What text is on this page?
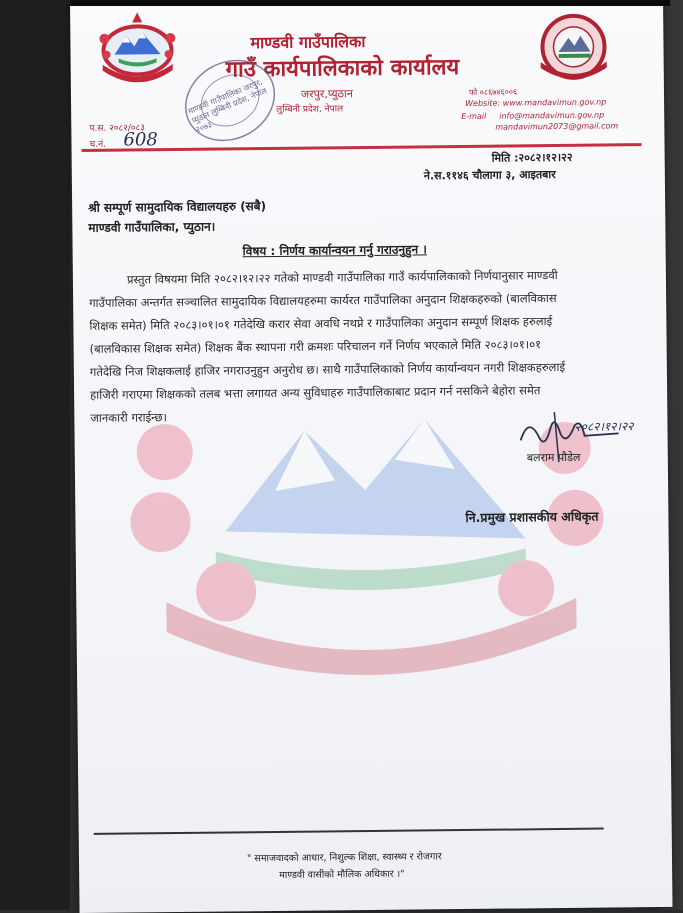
माण्डवी गाउँपालिका
गाउँ कार्यपालिकाको कार्यालय
जरपुर,प्युठान
लुम्बिनी प्रदेश, नेपाल
माण्डवी गाउँपालिका जरपुर, प्युठान लुम्बिनी प्रदेश, नेपाल २०७३
फो ०८६७४६००६
Website: www.mandavimun.gov.np
E-mail info@mandavimun.gov.np
mandavimun2073@gmail.com
प.स. २०८२/०८३
च.नं. 608
मिति :२०८२।१२।२२
ने.स.११४६ चौलागा ३, आइतबार
श्री सम्पूर्ण सामुदायिक विद्यालयहरु (सबै)
माण्डवी गाउँपालिका, प्युठान।
विषय : निर्णय कार्यान्वयन गर्नु गराउनुहुन ।
प्रस्तुत विषयमा मिति २०८२।१२।२२ गतेको माण्डवी गाउँपालिका गाउँ कार्यपालिकाको निर्णयानुसार माण्डवी
गाउँपालिका अन्तर्गत सञ्चालित सामुदायिक विद्यालयहरुमा कार्यरत गाउँपालिका अनुदान शिक्षकहरुको (बालविकास
शिक्षक समेत) मिति २०८३।०१।०१ गतेदेखि करार सेवा अवधि नथप्ने र गाउँपालिका अनुदान सम्पूर्ण शिक्षक हरुलाई
(बालविकास शिक्षक समेत) शिक्षक बैंक स्थापना गरी क्रमशः परिचालन गर्ने निर्णय भएकाले मिति २०८३।०१।०१
गतेदेखि निज शिक्षकलाई हाजिर नगराउनुहुन अनुरोध छ। साथै गाउँपालिकाको निर्णय कार्यान्वयन नगरी शिक्षकहरुलाई
हाजिरी गराएमा शिक्षकको तलब भत्ता लगायत अन्य सुविधाहरु गाउँपालिकाबाट प्रदान गर्न नसकिने बेहोरा समेत
जानकारी गराईन्छ।
२०८२।१२।२२
बलराम पौडेल
नि.प्रमुख प्रशासकीय अधिकृत
" समाजवादको आधार, निशुल्क शिक्षा, स्वास्थ्य र रोजगार
माण्डवी वासीको मौलिक अधिकार ।"
